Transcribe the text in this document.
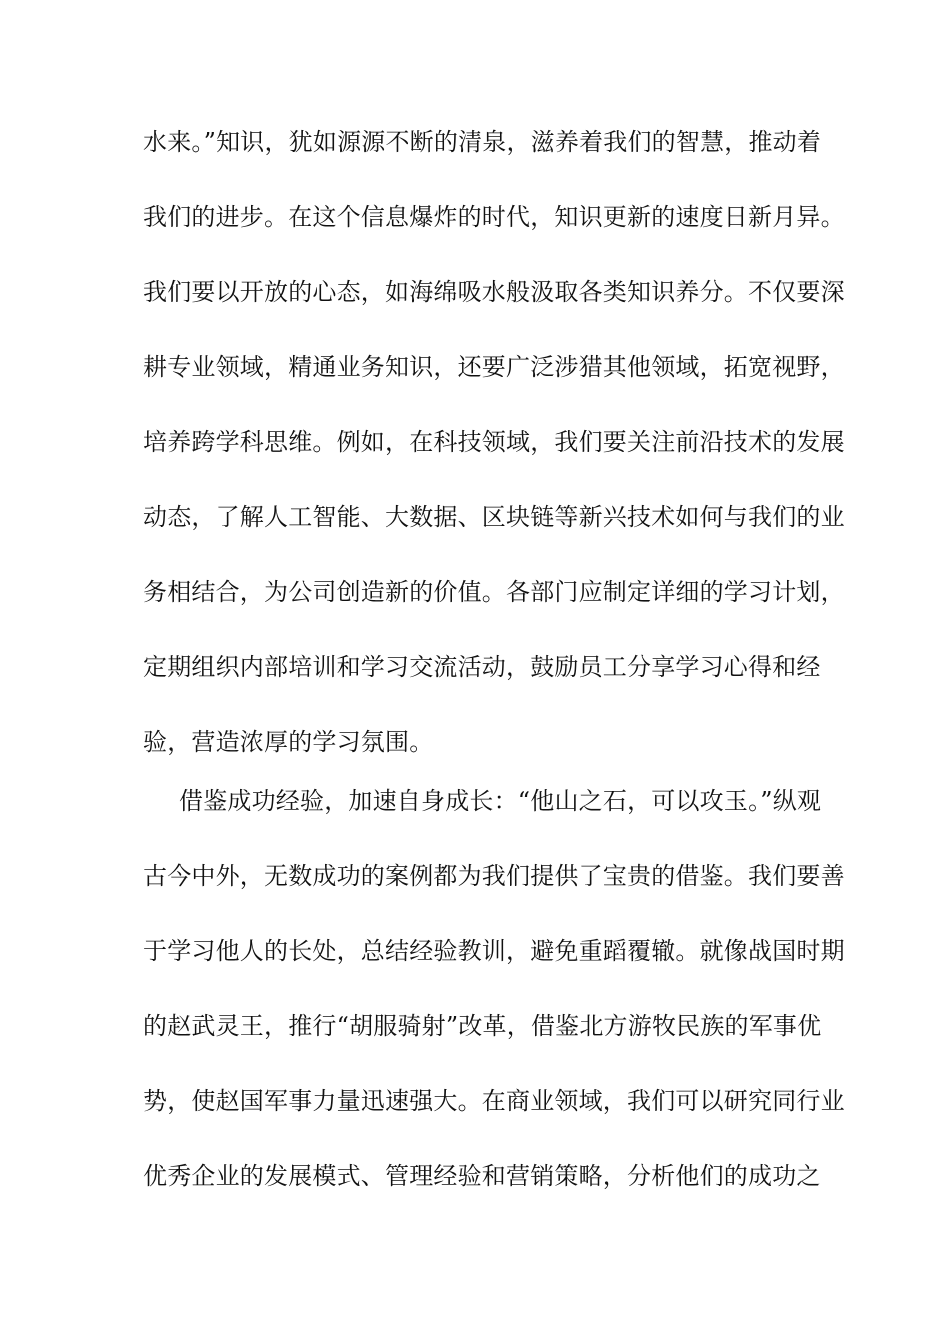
水来。”知识，犹如源源不断的清泉，滋养着我们的智慧，推动着
我们的进步。在这个信息爆炸的时代，知识更新的速度日新月异。
我们要以开放的心态，如海绵吸水般汲取各类知识养分。不仅要深
耕专业领域，精通业务知识，还要广泛涉猎其他领域，拓宽视野，
培养跨学科思维。例如，在科技领域，我们要关注前沿技术的发展
动态，了解人工智能、大数据、区块链等新兴技术如何与我们的业
务相结合，为公司创造新的价值。各部门应制定详细的学习计划，
定期组织内部培训和学习交流活动，鼓励员工分享学习心得和经
验，营造浓厚的学习氛围。
借鉴成功经验，加速自身成长：“他山之石，可以攻玉。”纵观
古今中外，无数成功的案例都为我们提供了宝贵的借鉴。我们要善
于学习他人的长处，总结经验教训，避免重蹈覆辙。就像战国时期
的赵武灵王，推行“胡服骑射”改革，借鉴北方游牧民族的军事优
势，使赵国军事力量迅速强大。在商业领域，我们可以研究同行业
优秀企业的发展模式、管理经验和营销策略，分析他们的成功之
